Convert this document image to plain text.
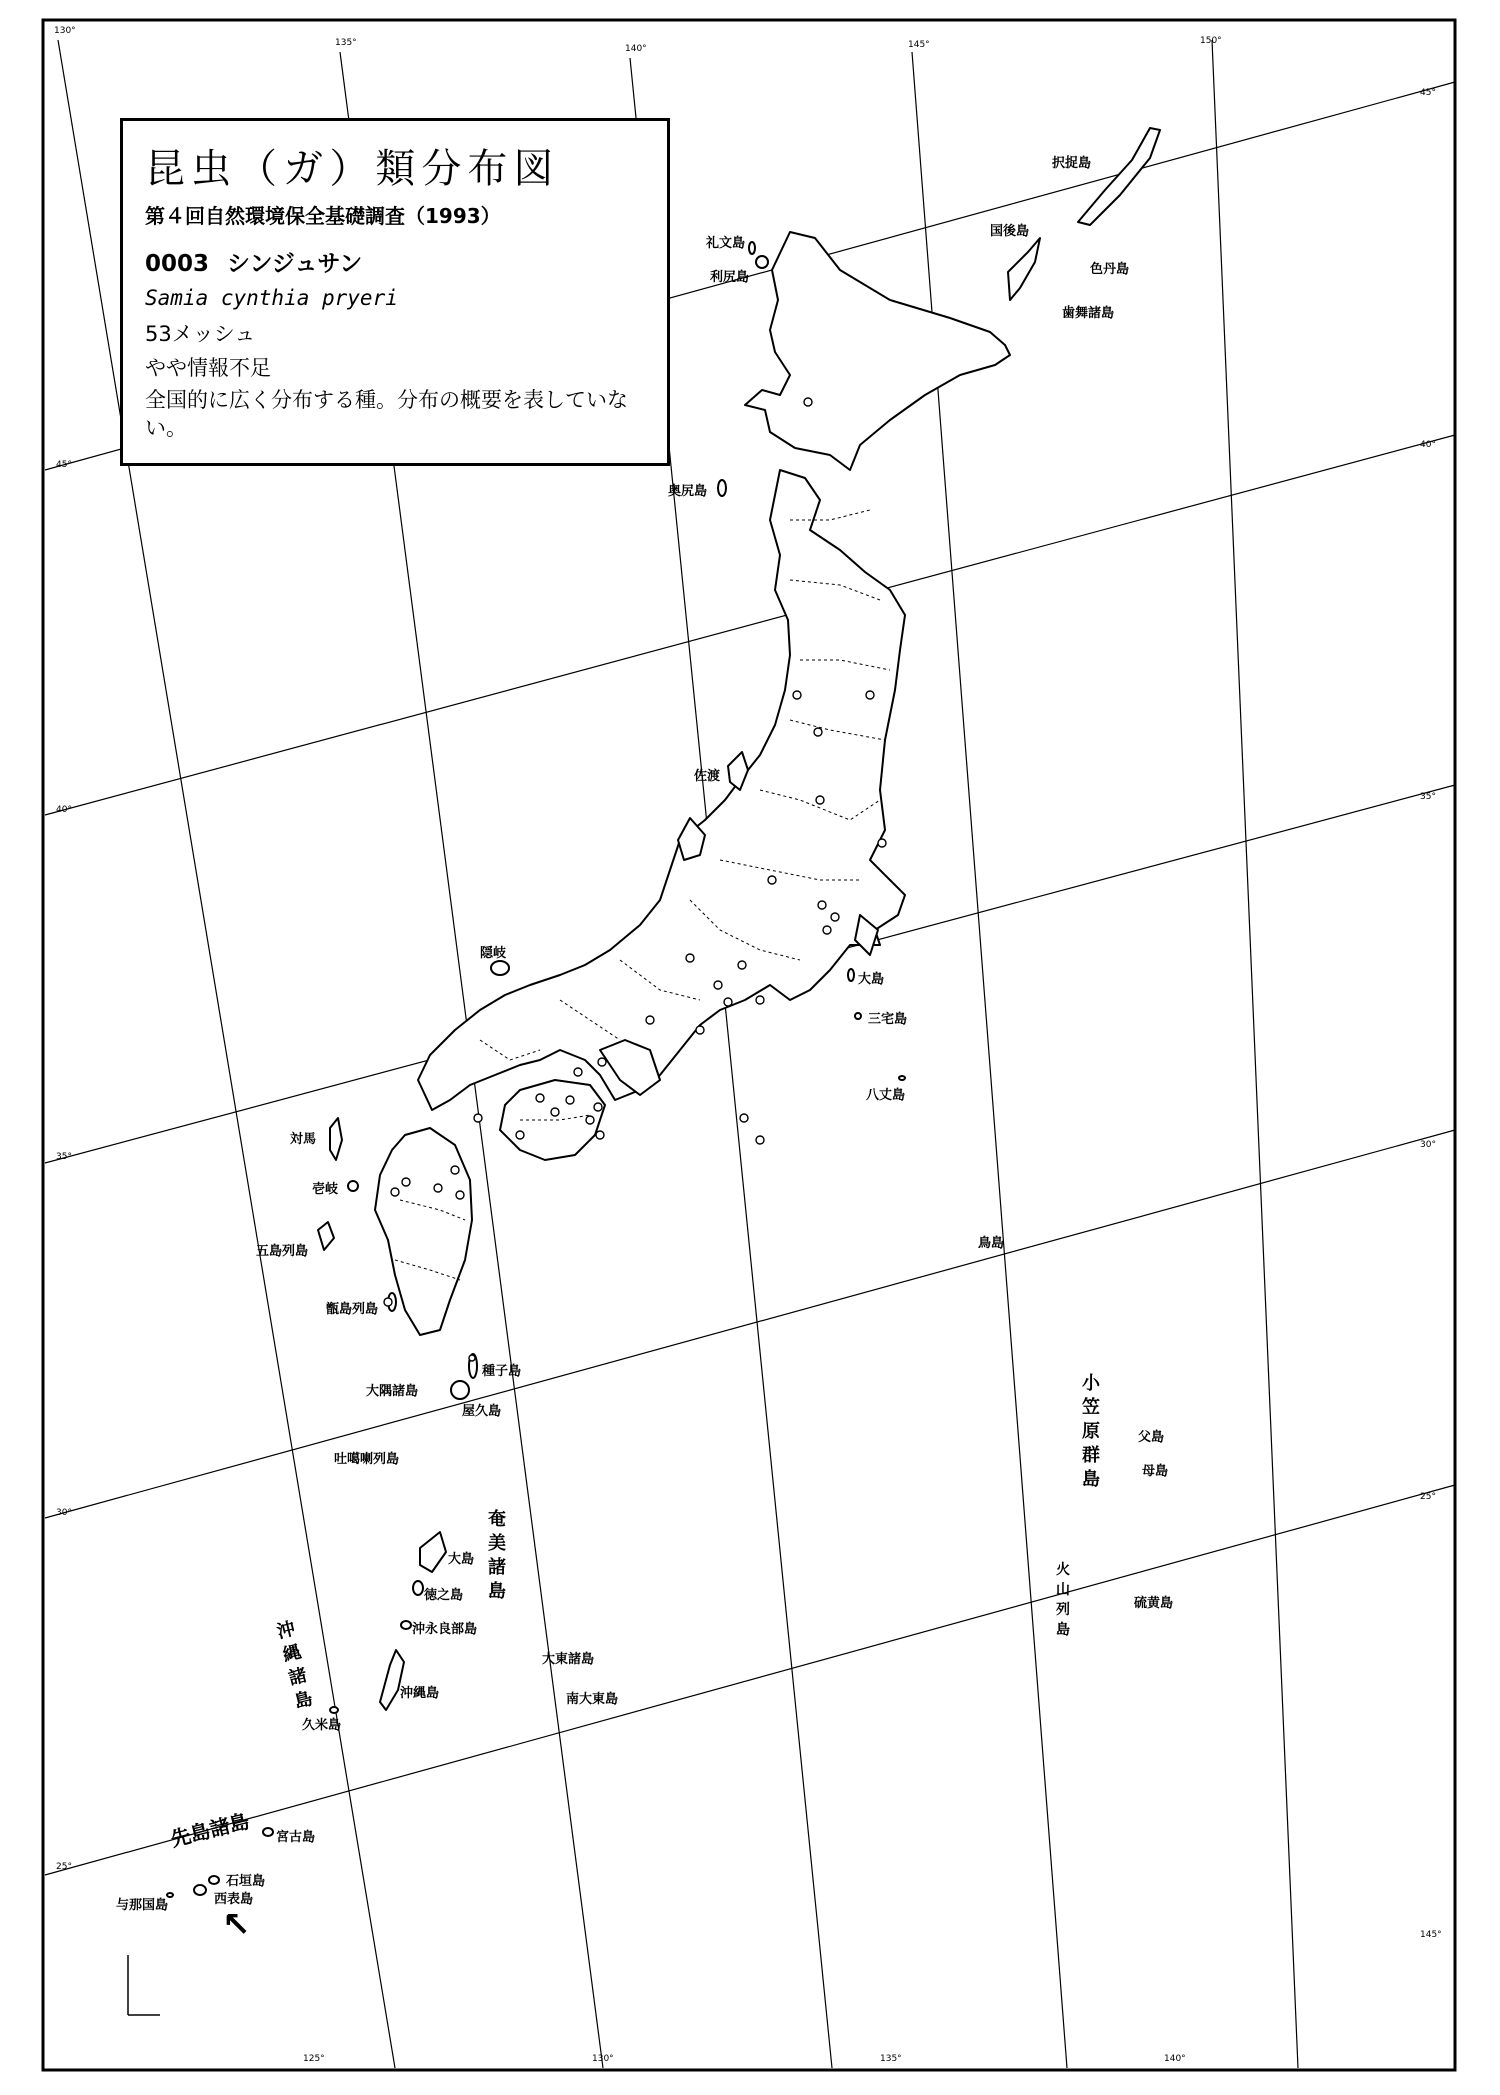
昆虫（ガ）類分布図
第４回自然環境保全基礎調査（1993）
0003 シンジュサン
Samia cynthia pryeri
53メッシュ
やや情報不足
全国的に広く分布する種。分布の概要を表していない。
択捉島
国後島
色丹島
歯舞諸島
礼文島
利尻島
奥尻島
佐渡
隠岐
大島
三宅島
八丈島
鳥島
対馬
壱岐
五島列島
甑島列島
大隅諸島
種子島
屋久島
吐噶喇列島
大島
徳之島
沖永良部島
沖縄島
久米島
大東諸島
南大東島
父島
母島
硫黄島
宮古島
石垣島
西表島
与那国島
奄美諸島
沖縄諸島
小笠原群島
火山列島
先島諸島
↖
130°
135°
140°	145°	150°
45°
40°
35°
30°
25°
45°
40°
35°
30°
25°
125°	130°	135°	140°
145°
